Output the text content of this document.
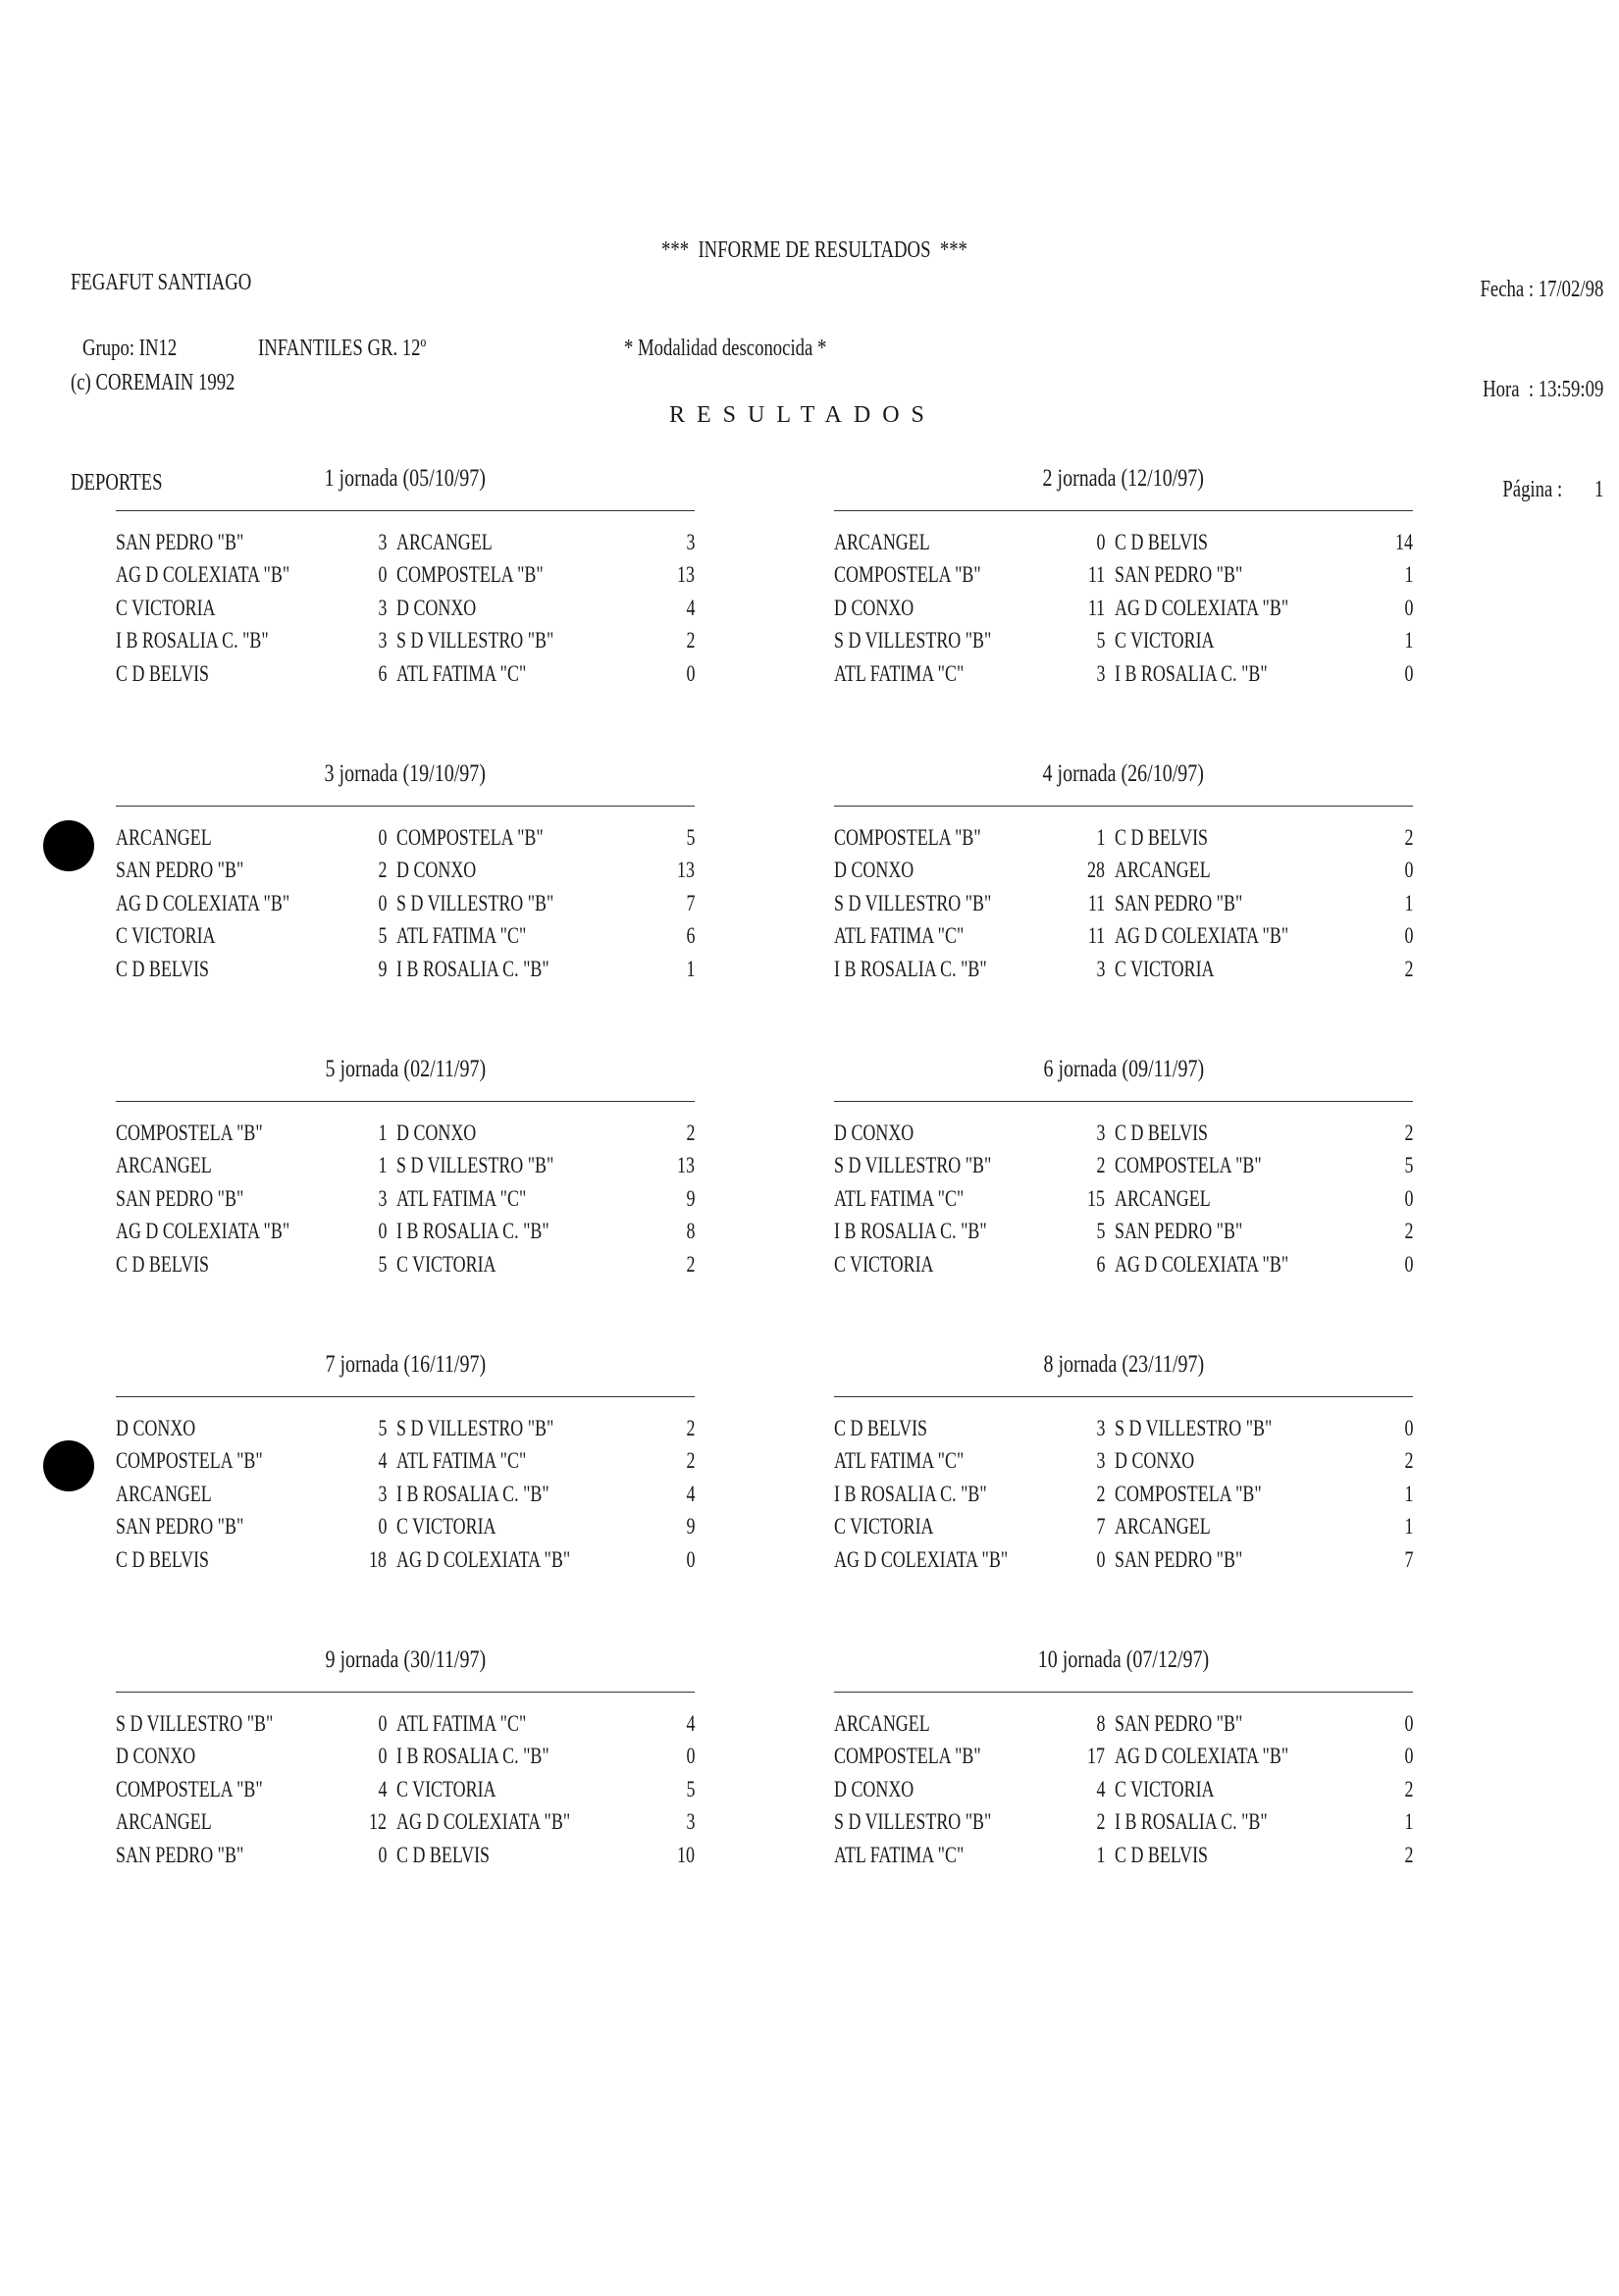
FEGAFUT SANTIAGO

(c) COREMAIN 1992

DEPORTES

***  INFORME DE RESULTADOS  ***

Fecha : 17/02/98

Hora  : 13:59:09

Página :       1

Grupo: IN12	INFANTILES GR. 12º	* Modalidad desconocida *
RESULTADOS
1 jornada (05/10/97)
SAN PEDRO "B"	3 ARCANGEL	3
AG D COLEXIATA "B"	0 COMPOSTELA "B"	13
C VICTORIA	3 D CONXO	4
I B ROSALIA C. "B"	3 S D VILLESTRO "B"	2
C D BELVIS	6 ATL FATIMA "C"	0
2 jornada (12/10/97)
ARCANGEL	0 C D BELVIS	14
COMPOSTELA "B"	11 SAN PEDRO "B"	1
D CONXO	11 AG D COLEXIATA "B"	0
S D VILLESTRO "B"	5 C VICTORIA	1
ATL FATIMA "C"	3 I B ROSALIA C. "B"	0
3 jornada (19/10/97)
ARCANGEL	0 COMPOSTELA "B"	5
SAN PEDRO "B"	2 D CONXO	13
AG D COLEXIATA "B"	0 S D VILLESTRO "B"	7
C VICTORIA	5 ATL FATIMA "C"	6
C D BELVIS	9 I B ROSALIA C. "B"	1
4 jornada (26/10/97)
COMPOSTELA "B"	1 C D BELVIS	2
D CONXO	28 ARCANGEL	0
S D VILLESTRO "B"	11 SAN PEDRO "B"	1
ATL FATIMA "C"	11 AG D COLEXIATA "B"	0
I B ROSALIA C. "B"	3 C VICTORIA	2
5 jornada (02/11/97)
COMPOSTELA "B"	1 D CONXO	2
ARCANGEL	1 S D VILLESTRO "B"	13
SAN PEDRO "B"	3 ATL FATIMA "C"	9
AG D COLEXIATA "B"	0 I B ROSALIA C. "B"	8
C D BELVIS	5 C VICTORIA	2
6 jornada (09/11/97)
D CONXO	3 C D BELVIS	2
S D VILLESTRO "B"	2 COMPOSTELA "B"	5
ATL FATIMA "C"	15 ARCANGEL	0
I B ROSALIA C. "B"	5 SAN PEDRO "B"	2
C VICTORIA	6 AG D COLEXIATA "B"	0
7 jornada (16/11/97)
D CONXO	5 S D VILLESTRO "B"	2
COMPOSTELA "B"	4 ATL FATIMA "C"	2
ARCANGEL	3 I B ROSALIA C. "B"	4
SAN PEDRO "B"	0 C VICTORIA	9
C D BELVIS	18 AG D COLEXIATA "B"	0
8 jornada (23/11/97)
C D BELVIS	3 S D VILLESTRO "B"	0
ATL FATIMA "C"	3 D CONXO	2
I B ROSALIA C. "B"	2 COMPOSTELA "B"	1
C VICTORIA	7 ARCANGEL	1
AG D COLEXIATA "B"	0 SAN PEDRO "B"	7
9 jornada (30/11/97)
S D VILLESTRO "B"	0 ATL FATIMA "C"	4
D CONXO	0 I B ROSALIA C. "B"	0
COMPOSTELA "B"	4 C VICTORIA	5
ARCANGEL	12 AG D COLEXIATA "B"	3
SAN PEDRO "B"	0 C D BELVIS	10
10 jornada (07/12/97)
ARCANGEL	8 SAN PEDRO "B"	0
COMPOSTELA "B"	17 AG D COLEXIATA "B"	0
D CONXO	4 C VICTORIA	2
S D VILLESTRO "B"	2 I B ROSALIA C. "B"	1
ATL FATIMA "C"	1 C D BELVIS	2
